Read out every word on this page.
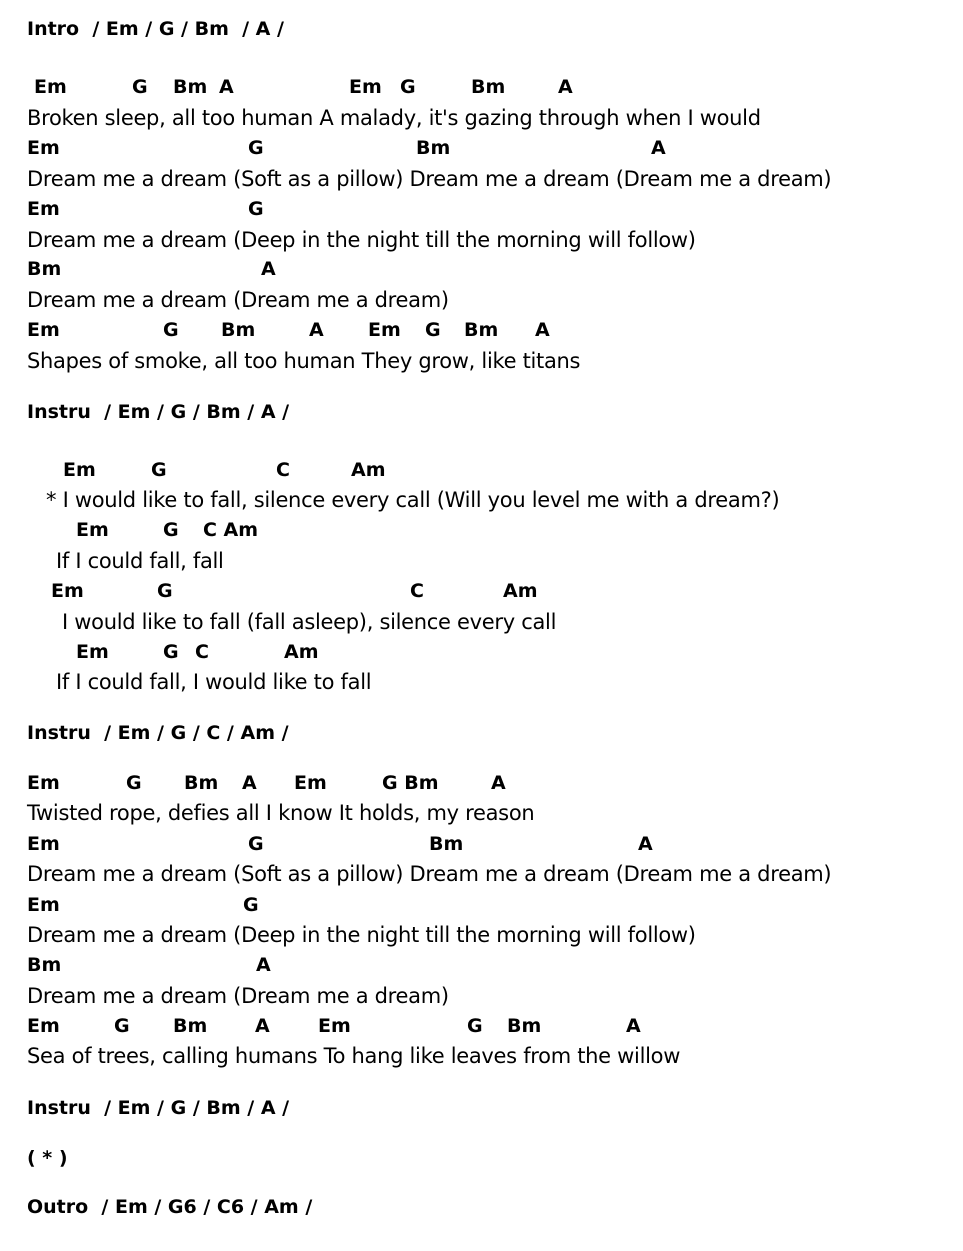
Intro  / Em / G / Bm  / A /

Em

	G

Bm

A

	Em

G

	Bm

	A

Broken sleep, all too human A malady, it's gazing through when I would

Em

	G

	Bm

	A

Dream me a dream (Soft as a pillow) Dream me a dream (Dream me a dream)

Em

	G

Dream me a dream (Deep in the night till the morning will follow)

Bm

	A

Dream me a dream (Dream me a dream)

Em

	G

Bm

	A

Em

G

Bm

A

Shapes of smoke, all too human They grow, like titans
Instru  / Em / G / Bm / A /

Em

	G

	C

	Am

* I would like to fall, silence every call (Will you level me with a dream?)

Em

	G

C Am

If I could fall, fall

Em

	G

	C

	Am

I would like to fall (fall asleep), silence every call

Em

	G

C

	Am

If I could fall, I would like to fall
Instru  / Em / G / C / Am /

Em

	G

Bm

A

Em

	G Bm

	A

Twisted rope, defies all I know It holds, my reason

Em

	G

	Bm

	A

Dream me a dream (Soft as a pillow) Dream me a dream (Dream me a dream)

Em

	G

Dream me a dream (Deep in the night till the morning will follow)

Bm

	A

Dream me a dream (Dream me a dream)

Em

	G

Bm

	A

	Em

	G

Bm

	A

Sea of trees, calling humans To hang like leaves from the willow
Instru  / Em / G / Bm / A /
( * )
Outro  / Em / G6 / C6 / Am /
